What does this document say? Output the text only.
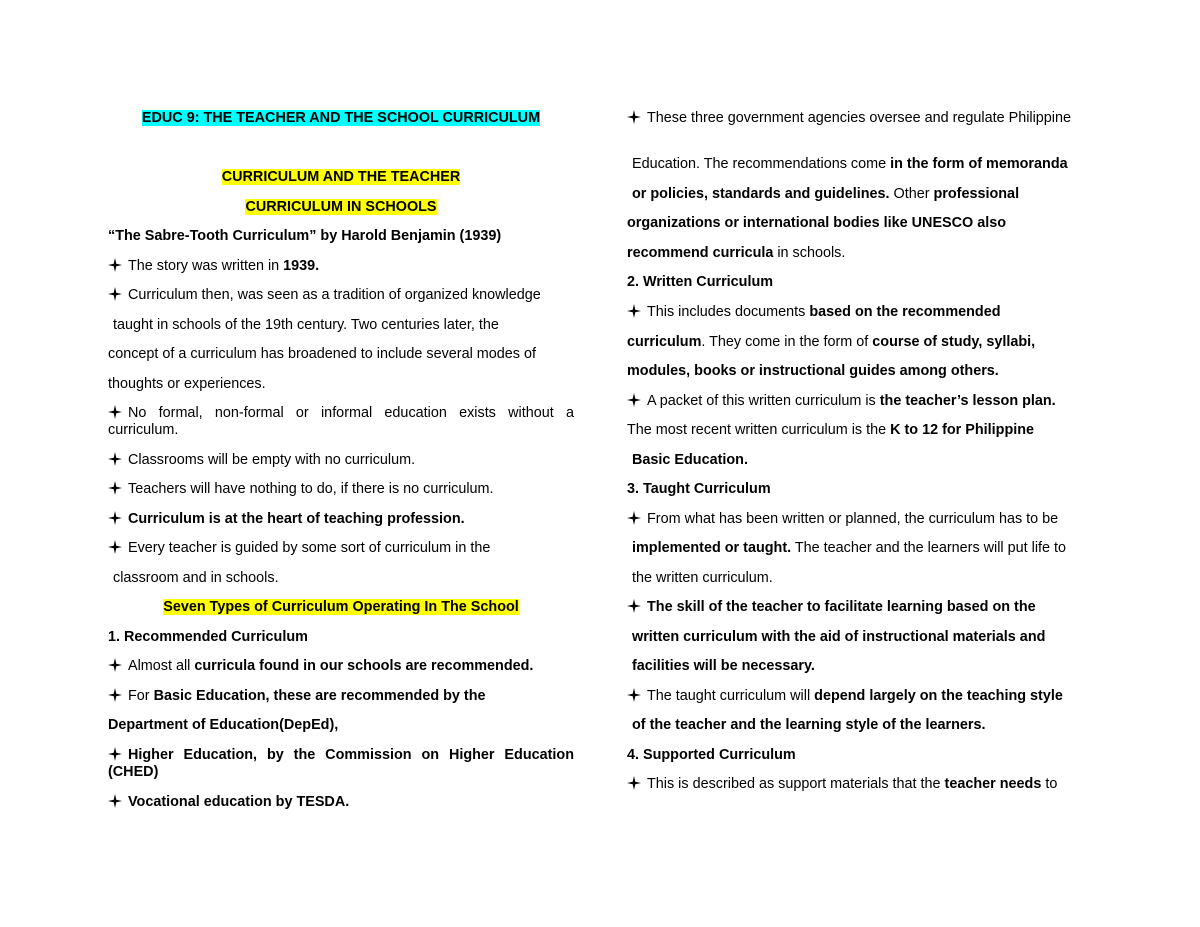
EDUC 9: THE TEACHER AND THE SCHOOL CURRICULUM
CURRICULUM AND THE TEACHER
CURRICULUM IN SCHOOLS
“The Sabre-Tooth Curriculum” by Harold Benjamin (1939)
The story was written in 1939.
Curriculum then, was seen as a tradition of organized knowledge
taught in schools of the 19th century. Two centuries later, the
concept of a curriculum has broadened to include several modes of
thoughts or experiences.
No formal, non-formal or informal education exists without a curriculum.
Classrooms will be empty with no curriculum.
Teachers will have nothing to do, if there is no curriculum.
Curriculum is at the heart of teaching profession.
Every teacher is guided by some sort of curriculum in the
classroom and in schools.
Seven Types of Curriculum Operating In The School
1. Recommended Curriculum
Almost all curricula found in our schools are recommended.
For Basic Education, these are recommended by the
Department of Education(DepEd),
Higher Education, by the Commission on Higher Education (CHED)
Vocational education by TESDA.
These three government agencies oversee and regulate Philippine
Education. The recommendations come in the form of memoranda
or policies, standards and guidelines. Other professional
organizations or international bodies like UNESCO also
recommend curricula in schools.
2. Written Curriculum
This includes documents based on the recommended
curriculum. They come in the form of course of study, syllabi,
modules, books or instructional guides among others.
A packet of this written curriculum is the teacher’s lesson plan.
The most recent written curriculum is the K to 12 for Philippine
Basic Education.
3. Taught Curriculum
From what has been written or planned, the curriculum has to be
implemented or taught. The teacher and the learners will put life to
the written curriculum.
The skill of the teacher to facilitate learning based on the
written curriculum with the aid of instructional materials and
facilities will be necessary.
The taught curriculum will depend largely on the teaching style
of the teacher and the learning style of the learners.
4. Supported Curriculum
This is described as support materials that the teacher needs to
